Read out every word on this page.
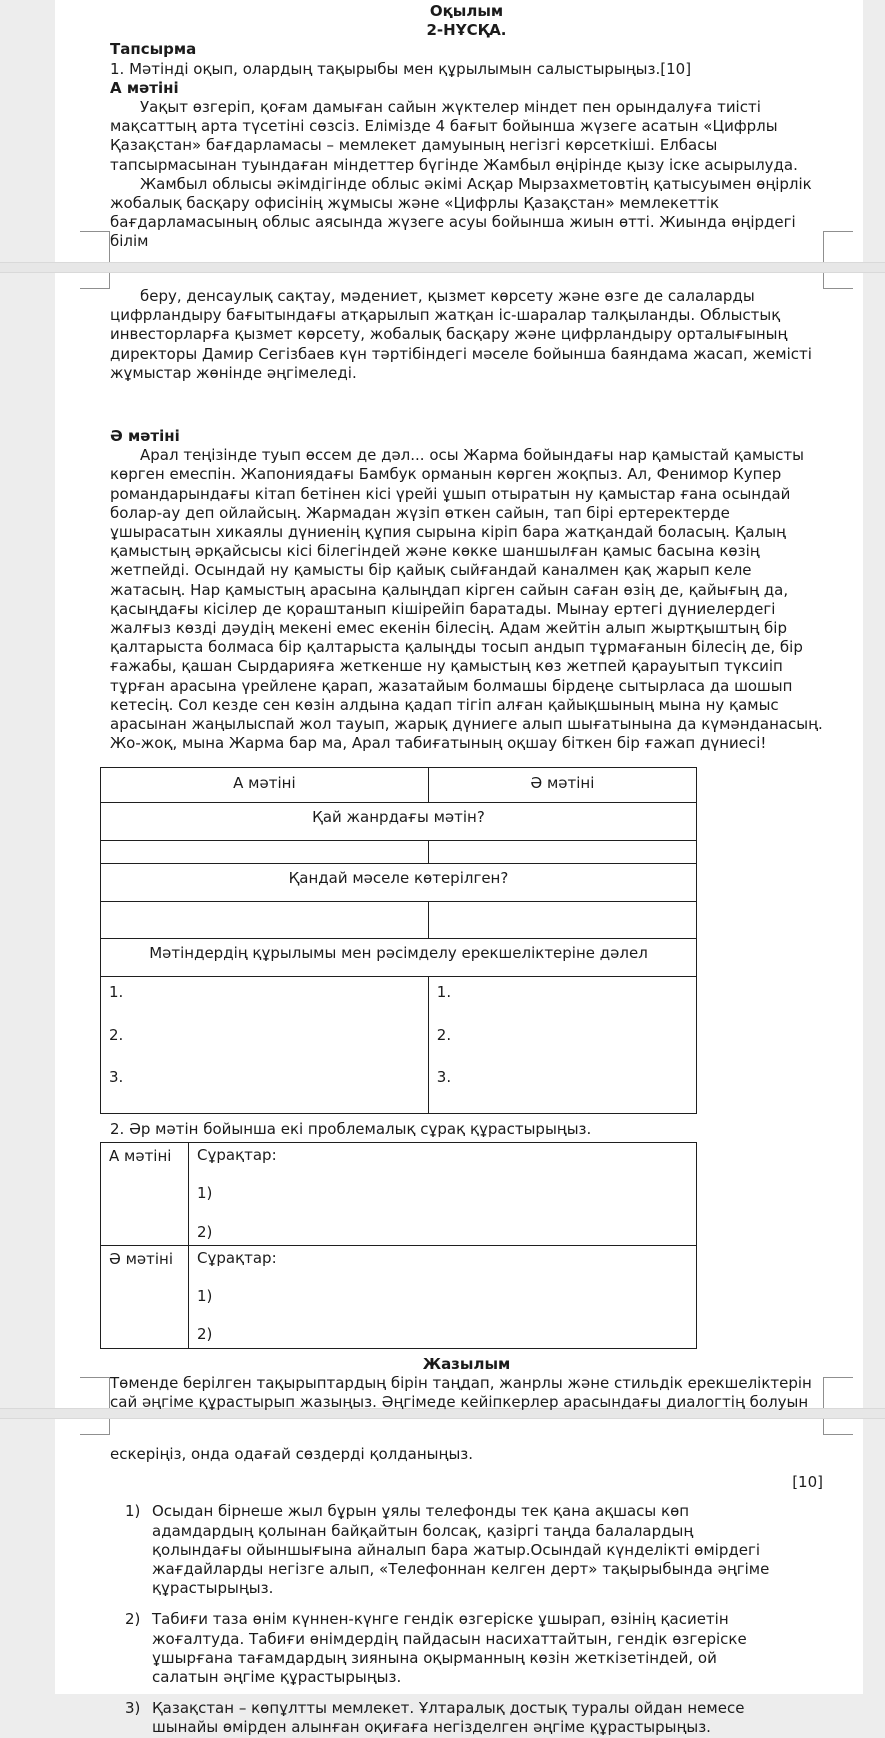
Оқылым
2-НҰСҚА.
Тапсырма
1. Мәтінді оқып, олардың тақырыбы мен құрылымын салыстырыңыз.[10]
А мәтіні
Уақыт өзгеріп, қоғам дамыған сайын жүктелер міндет пен орындалуға тиісті мақсаттың арта түсетіні сөзсіз. Елімізде 4 бағыт бойынша жүзеге асатын «Цифрлы Қазақстан» бағдарламасы – мемлекет дамуының негізгі көрсеткіші. Елбасы тапсырмасынан туындаған міндеттер бүгінде Жамбыл өңірінде қызу іске асырылуда.
Жамбыл облысы әкімдігінде облыс әкімі Асқар Мырзахметовтің қатысуымен өңірлік жобалық басқару офисінің жұмысы және «Цифрлы Қазақстан» мемлекеттік бағдарламасының облыс аясында жүзеге асуы бойынша жиын өтті. Жиында өңірдегі білім
беру, денсаулық сақтау, мәдениет, қызмет көрсету және өзге де салаларды цифрландыру бағытындағы атқарылып жатқан іс-шаралар талқыланды. Облыстық инвесторларға қызмет көрсету, жобалық басқару және цифрландыру орталығының директоры Дамир Сегізбаев күн тәртібіндегі мәселе бойынша баяндама жасап, жемісті жұмыстар жөнінде әңгімеледі.
Ә мәтіні
Арал теңізінде туып өссем де дәл... осы Жарма бойындағы нар қамыстай қамысты көрген емеспін. Жапониядағы Бамбук орманын көрген жоқпыз. Ал, Фенимор Купер романдарындағы кітап бетінен кісі үрейі ұшып отыратын ну қамыстар ғана осындай болар-ау деп ойлайсың. Жармадан жүзіп өткен сайын, тап бірі ертеректерде ұшырасатын хикаялы дүниенің құпия сырына кіріп бара жатқандай боласың. Қалың қамыстың әрқайсысы кісі білегіндей және көкке шаншылған қамыс басына көзің жетпейді. Осындай ну қамысты бір қайық сыйғандай каналмен қақ жарып келе жатасың. Нар қамыстың арасына қалыңдап кірген сайын саған өзің де, қайығың да, қасыңдағы кісілер де қораштанып кішірейіп баратады. Мынау ертегі дүниелердегі жалғыз көзді дәудің мекені емес екенін білесің. Адам жейтін алып жыртқыштың бір қалтарыста болмаса бір қалтарыста қалыңды тосып андып тұрмағанын білесің де, бір ғажабы, қашан Сырдарияға жеткенше ну қамыстың көз жетпей қарауытып түксиіп тұрған арасына үрейлене қарап, жазатайым болмашы бірдеңе сытырласа да шошып кетесің. Сол кезде сен көзін алдына қадап тігіп алған қайықшының мына ну қамыс арасынан жаңылыспай жол тауып, жарық дүниеге алып шығатынына да күмәнданасың. Жо-жоқ, мына Жарма бар ма, Арал табиғатының оқшау біткен бір ғажап дүниесі!
А мәтіні	Ә мәтіні
Қай жанрдағы мәтін?	

Қандай мәселе көтерілген?	

Мәтіндердің құрылымы мен рәсімделу ерекшеліктеріне дәлел	

1.
2.
3.

1.
2.
3.
2. Әр мәтін бойынша екі проблемалық сұрақ құрастырыңыз.
А мәтіні	Сұрақтар:
1)
2)

Ә мәтіні	Сұрақтар:
1)
2)
Жазылым
Төменде берілген тақырыптардың бірін таңдап, жанрлы және стильдік ерекшеліктерін сай әңгіме құрастырып жазыңыз. Әңгімеде кейіпкерлер арасындағы диалогтің болуын
ескеріңіз, онда одағай сөздерді қолданыңыз.
[10]
1) Осыдан бірнеше жыл бұрын ұялы телефонды тек қана ақшасы көп адамдардың қолынан байқайтын болсақ, қазіргі таңда балалардың қолындағы ойыншығына айналып бара жатыр.Осындай күнделікті өмірдегі жағдайларды негізге алып, «Телефоннан келген дерт» тақырыбында әңгіме құрастырыңыз.
2) Табиғи таза өнім күннен-күнге гендік өзгеріске ұшырап, өзінің қасиетін жоғалтуда. Табиғи өнімдердің пайдасын насихаттайтын, гендік өзгеріске ұшырғана тағамдардың зиянына оқырманның көзін жеткізетіндей, ой салатын әңгіме құрастырыңыз.
3) Қазақстан – көпұлтты мемлекет. Ұлтаралық достық туралы ойдан немесе шынайы өмірден алынған оқиғаға негізделген әңгіме құрастырыңыз.
